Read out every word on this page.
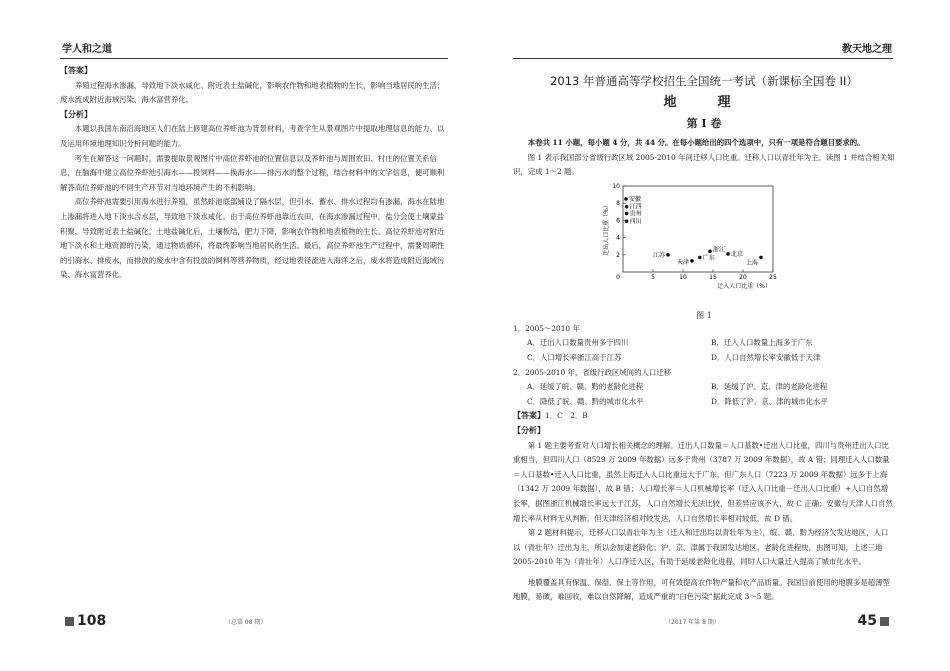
学人和之道
【答案】

养殖过程海水渗漏，导致地下淡水咸化、附近表土盐碱化，影响农作物和地表植物的生长，影响当地居民的生活；废水流成附近海域污染、海水富营养化。

【分析】

本题以我国东南沿海地区人们在陆上修建高位养虾池为背景材料，考查学生从景观图片中提取地理信息的能力、以及运用环境地理知识分析问题的能力。

考生在解答这一问题时，需要提取景观图片中高位养虾池的位置信息以及养虾池与周围农田、村庄的位置关系信息，在脑海中建立高位养虾池引海水——投饲料——换海水——排污水的整个过程，结合材料中的文字信息，便可顺利解答高位养虾池的不同生产环节对当地环境产生的不利影响。

高位养虾池需要引用海水进行养殖，虽然虾池底部铺设了隔水层，但引水、蓄水、排水过程均有渗漏，海水在陆地上渗漏将进入地下淡水含水层，导致地下淡水咸化。由于高位养虾池靠近农田，在海水渗漏过程中，盐分会使土壤蒙盐积聚，导致附近表土盐碱化。土地盐碱化后，土壤板结，肥力下降，影响农作物和地表植物的生长。高位养虾池对附近地下淡水和土地资源的污染，通过物质循环，将最终影响当地居民的生活。最后，高位养虾池生产过程中，需要周期性的引海水、排废水，而排放的废水中含有投放的饲料等营养物质，经过地表径流进入海洋之后，废水将造成附近海域污染、海水富营养化。

108	（总第 08 期）
教天地之理
2013 年普通高等学校招生全国统一考试（新课标全国卷 II）
地　理
第 I 卷

本卷共 11 小题，每小题 4 分，共 44 分。在每小题给出的四个选项中，只有一项是符合题目要求的。

图 1 表示我国部分省级行政区域 2005-2010 年间迁移人口比重。迁移人口以青壮年为主。读图 1 并结合相关知识，完成 1～2 题。

2
4
6
8
10
5	10	15	20	25
0
迁出人口比重（%）
迁入人口比重（%）
安徽
江西
贵州
四川
江苏
天津
广东
浙江
北京
上海

图 1

1．2005～2010 年
A．迁出人口数量贵州多于四川	B．迁入人口数量上海多于广东
C．人口增长率浙江高于江苏	D．人口自然增长率安徽低于天津
2．2005-2010 年，省级行政区域间的人口迁移
A．延缓了皖、赣、黔的老龄化进程	B．延缓了沪、京、津的老龄化进程
C．降低了皖、赣、黔的城市化水平	D．降低了沪、京、津的城市化水平
【答案】1．C　2．B
【分析】

第 1 题主要考查对人口增长相关概念的理解。迁出人口数量＝人口基数•迁出人口比重，四川与贵州迁出人口比重相当，但四川人口（8529 万 2009 年数据）远多于贵州（3787 万 2009 年数据），故 A 错；同理迁入人口数量＝人口基数•迁入人口比重，虽然上海迁入人口比重远大于广东，但广东人口（7223 万 2009 年数据）远多于上海（1342 万 2009 年数据），故 B 错；人口增长率＝人口机械增长率（迁入人口比重－迁出人口比重）+人口自然增长率，据图浙江机械增长率远大于江苏，人口自然增长无法比较，但差异应该不大，故 C 正确；安徽与天津人口自然增长率从材料无从判断，但天津经济相对较发达，人口自然增长率相对较低，故 D 错。

第 2 题材料提示，迁移人口以青壮年为主（迁入和迁出均以青壮年为主），皖、赣、黔为经济欠发达地区，人口以（青壮年）迁出为主，所以会加速老龄化；沪、京、津属于我国发达地区，老龄化进程快，由图可知，上述三地 2005-2010 年为（青壮年）人口净迁入区，有助于延缓老龄化进程，同时人口大量迁入提高了城市化水平。

地膜覆盖具有保温、保湿、保土等作用，可有效提高农作物产量和农产品质量。我国目前使用的地膜多是超薄型地膜，易破，难回收，难以自然降解，造成严重的“白色污染”据此完成 3～5 题。

45
（2017 年第 8 期）
